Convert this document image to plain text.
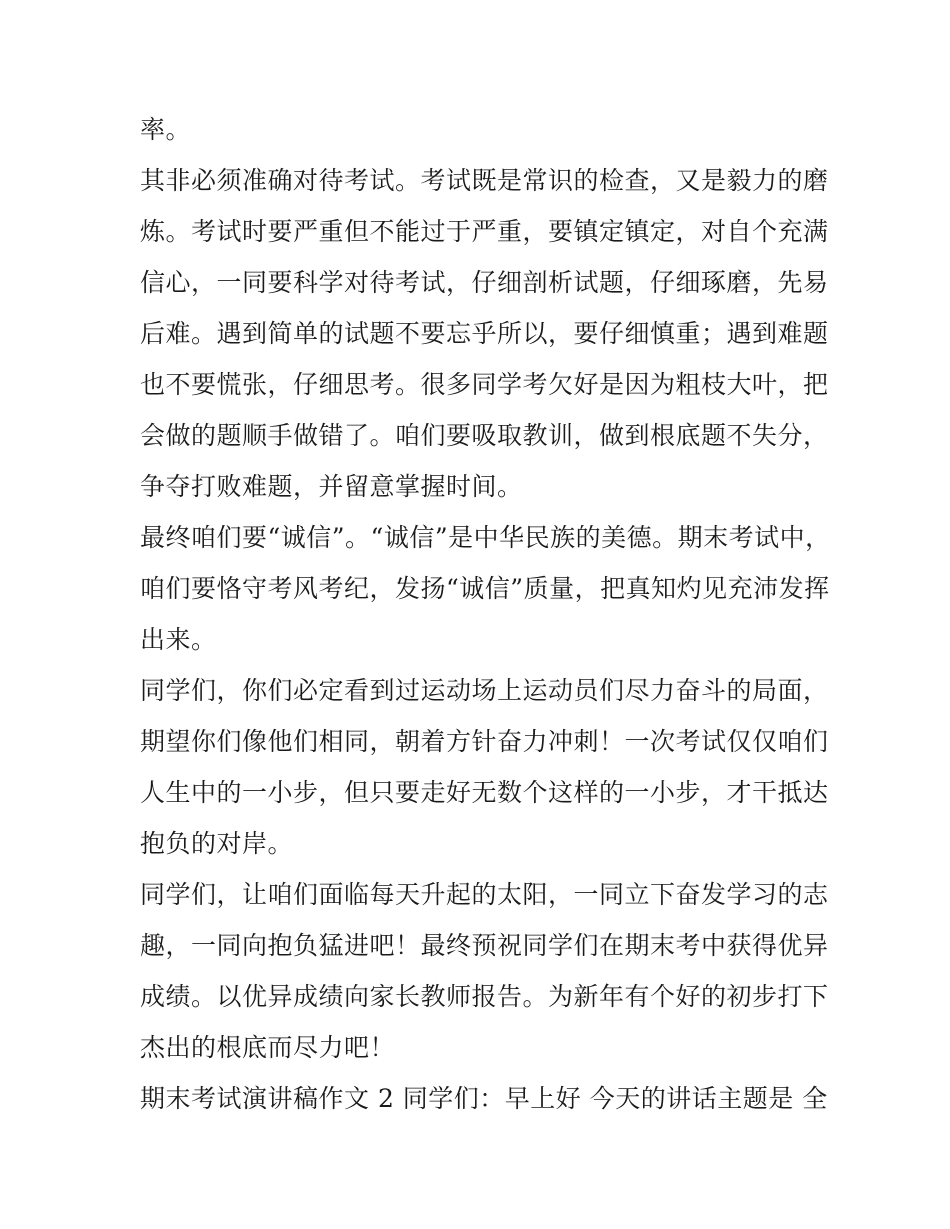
率。
其非必须准确对待考试。考试既是常识的检查，又是毅力的磨
炼。考试时要严重但不能过于严重，要镇定镇定，对自个充满
信心，一同要科学对待考试，仔细剖析试题，仔细琢磨，先易
后难。遇到简单的试题不要忘乎所以，要仔细慎重；遇到难题
也不要慌张，仔细思考。很多同学考欠好是因为粗枝大叶，把
会做的题顺手做错了。咱们要吸取教训，做到根底题不失分，
争夺打败难题，并留意掌握时间。
最终咱们要“诚信”。“诚信”是中华民族的美德。期末考试中，
咱们要恪守考风考纪，发扬“诚信”质量，把真知灼见充沛发挥
出来。
同学们，你们必定看到过运动场上运动员们尽力奋斗的局面，
期望你们像他们相同，朝着方针奋力冲刺！一次考试仅仅咱们
人生中的一小步，但只要走好无数个这样的一小步，才干抵达
抱负的对岸。
同学们，让咱们面临每天升起的太阳，一同立下奋发学习的志
趣，一同向抱负猛进吧！最终预祝同学们在期末考中获得优异
成绩。以优异成绩向家长教师报告。为新年有个好的初步打下
杰出的根底而尽力吧！
期末考试演讲稿作文 2 同学们：早上好 今天的讲话主题是 全
